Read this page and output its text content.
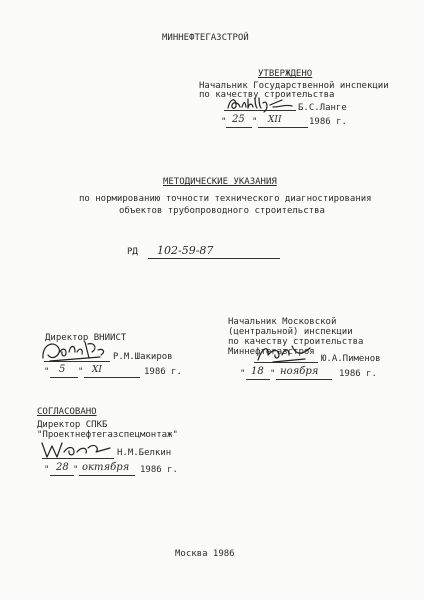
МИННЕФТЕГАЗСТРОЙ
УТВЕРЖДЕНО
Начальник Государственной инспекции
по качеству строительства
Б.С.Ланге
" 25 " XII	1986 г.
МЕТОДИЧЕСКИЕ УКАЗАНИЯ
по нормированию точности технического диагностирования
объектов трубопроводного строительства
РД 102-59-87
Директор ВНИИСТ
Р.М.Шакиров
" 5 " XI	1986 г.
Начальник Московской
(центральной) инспекции
по качеству строительства
Миннефтегазстроя
Ю.А.Пименов
" 18 " ноября 1986 г.
СОГЛАСОВАНО
Директор СПКБ
"Проектнефтегазспецмонтаж"
Н.М.Белкин
" 28 " октября 1986 г.
Москва 1986
